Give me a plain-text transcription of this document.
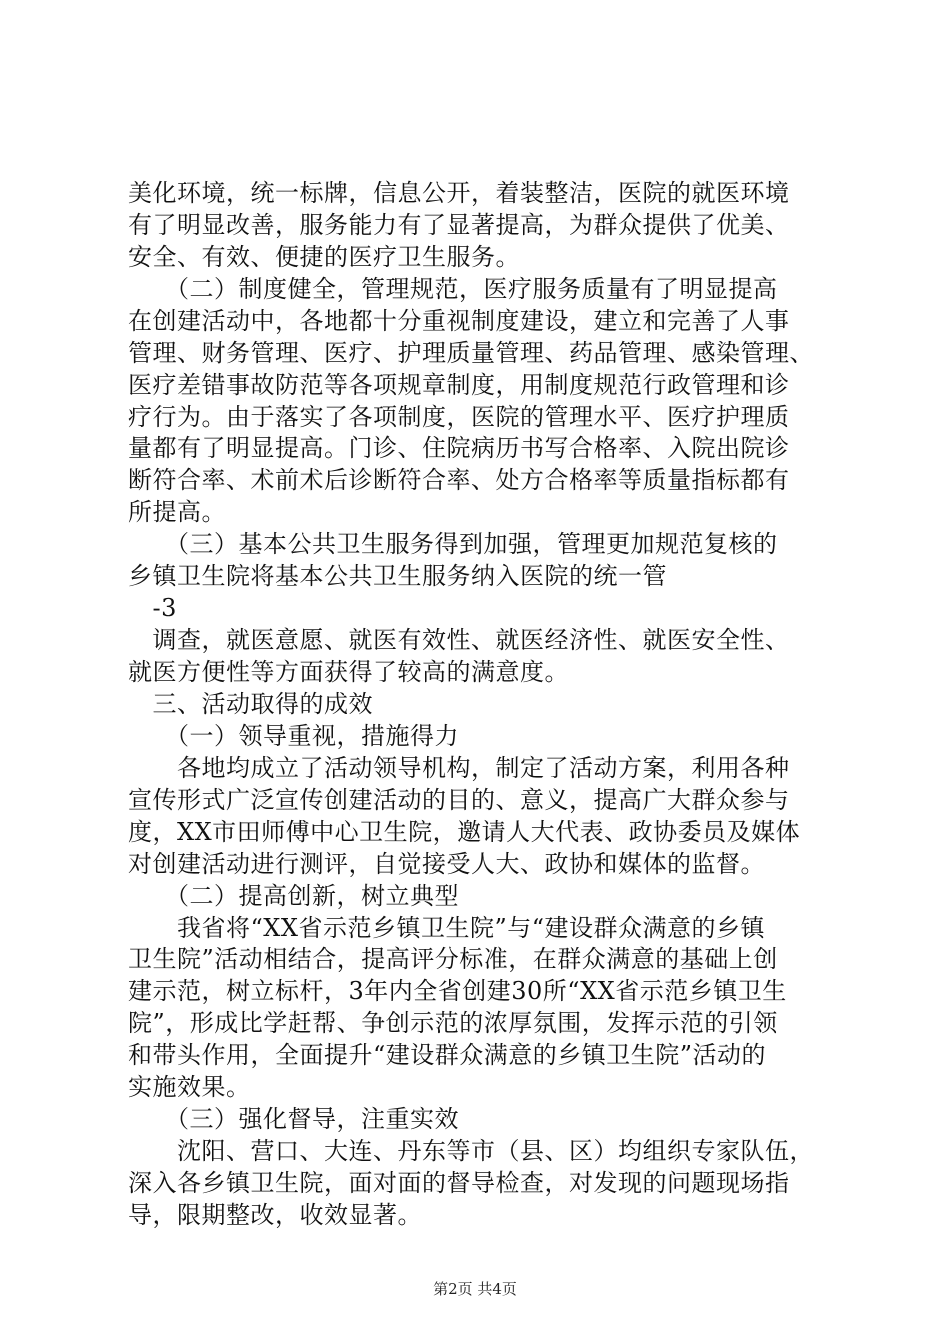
美化环境，统一标牌，信息公开，着装整洁，医院的就医环境
有了明显改善，服务能力有了显著提高，为群众提供了优美、
安全、有效、便捷的医疗卫生服务。
　　（二）制度健全，管理规范，医疗服务质量有了明显提高
在创建活动中，各地都十分重视制度建设，建立和完善了人事
管理、财务管理、医疗、护理质量管理、药品管理、感染管理、
医疗差错事故防范等各项规章制度，用制度规范行政管理和诊
疗行为。由于落实了各项制度，医院的管理水平、医疗护理质
量都有了明显提高。门诊、住院病历书写合格率、入院出院诊
断符合率、术前术后诊断符合率、处方合格率等质量指标都有
所提高。
　　（三）基本公共卫生服务得到加强，管理更加规范复核的
乡镇卫生院将基本公共卫生服务纳入医院的统一管
　-3
　调查，就医意愿、就医有效性、就医经济性、就医安全性、
就医方便性等方面获得了较高的满意度。
　三、活动取得的成效
　　（一）领导重视，措施得力
　　各地均成立了活动领导机构，制定了活动方案，利用各种
宣传形式广泛宣传创建活动的目的、意义，提高广大群众参与
度，XX市田师傅中心卫生院，邀请人大代表、政协委员及媒体
对创建活动进行测评，自觉接受人大、政协和媒体的监督。
　　（二）提高创新，树立典型
　　我省将“XX省示范乡镇卫生院”与“建设群众满意的乡镇
卫生院”活动相结合，提高评分标准，在群众满意的基础上创
建示范，树立标杆，3年内全省创建30所“XX省示范乡镇卫生
院”，形成比学赶帮、争创示范的浓厚氛围，发挥示范的引领
和带头作用，全面提升“建设群众满意的乡镇卫生院”活动的
实施效果。
　　（三）强化督导，注重实效
　　沈阳、营口、大连、丹东等市（县、区）均组织专家队伍，
深入各乡镇卫生院，面对面的督导检查，对发现的问题现场指
导，限期整改，收效显著。
第2页 共4页
